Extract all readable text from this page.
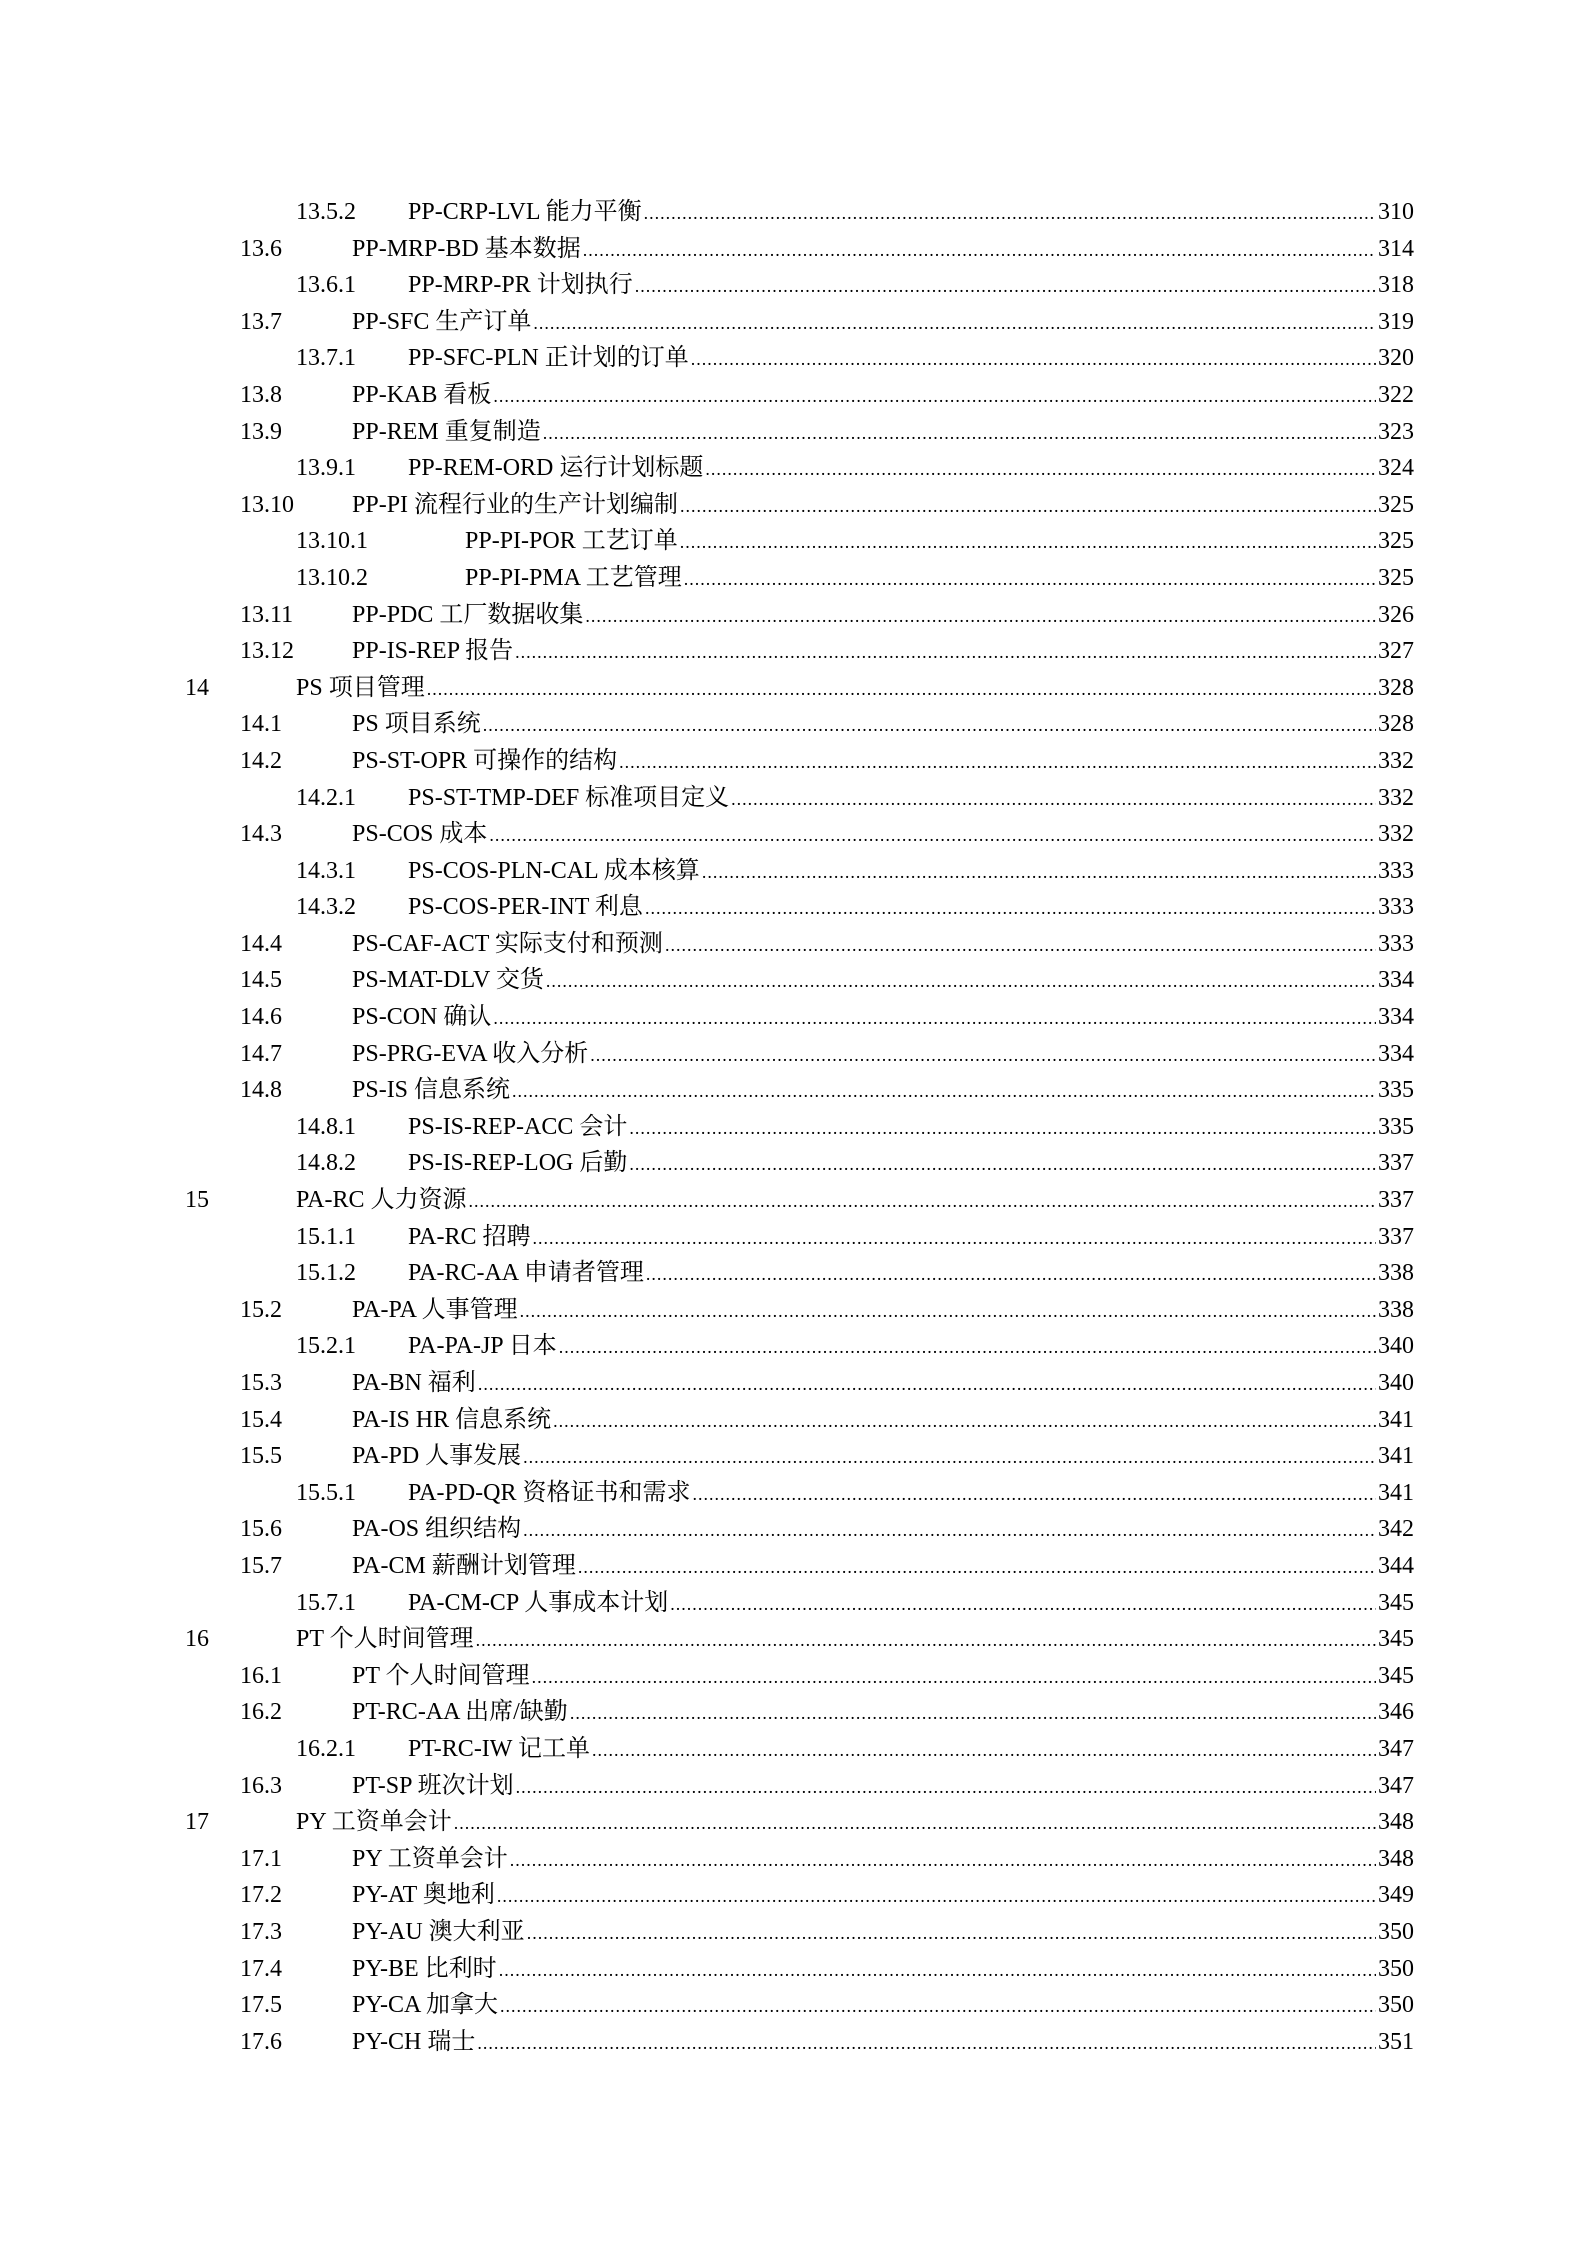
13.5.2 PP-CRP-LVL 能力平衡 .....	310
13.6	PP-MRP-BD 基本数据 .....	314
13.6.1 PP-MRP-PR 计划执行 .....	318
13.7	PP-SFC 生产订单 .....	319
13.7.1 PP-SFC-PLN 正计划的订单 .....	320
13.8	PP-KAB 看板 .....	322
13.9	PP-REM 重复制造 .....	323
13.9.1 PP-REM-ORD 运行计划标题 .....	324
13.10 PP-PI 流程行业的生产计划编制 .....	325
13.10.1	PP-PI-POR 工艺订单 .....	325
13.10.2	PP-PI-PMA 工艺管理 .....	325
13.11 PP-PDC 工厂数据收集 .....	326
13.12 PP-IS-REP 报告 .....	327
14	PS 项目管理 .....	328
14.1	PS 项目系统 .....	328
14.2	PS-ST-OPR 可操作的结构 .....	332
14.2.1 PS-ST-TMP-DEF 标准项目定义 .....	332
14.3	PS-COS 成本 .....	332
14.3.1 PS-COS-PLN-CAL 成本核算 .....	333
14.3.2 PS-COS-PER-INT 利息 .....	333
14.4	PS-CAF-ACT 实际支付和预测 .....	333
14.5	PS-MAT-DLV 交货 .....	334
14.6	PS-CON 确认 .....	334
14.7	PS-PRG-EVA 收入分析 .....	334
14.8	PS-IS 信息系统 .....	335
14.8.1 PS-IS-REP-ACC 会计 .....	335
14.8.2 PS-IS-REP-LOG 后勤 .....	337
15	PA-RC 人力资源 .....	337
15.1.1 PA-RC 招聘 .....	337
15.1.2 PA-RC-AA 申请者管理 .....	338
15.2	PA-PA 人事管理 .....	338
15.2.1 PA-PA-JP 日本 .....	340
15.3	PA-BN 福利 .....	340
15.4	PA-IS HR 信息系统 .....	341
15.5	PA-PD 人事发展 .....	341
15.5.1 PA-PD-QR 资格证书和需求 .....	341
15.6	PA-OS 组织结构 .....	342
15.7	PA-CM 薪酬计划管理 .....	344
15.7.1 PA-CM-CP 人事成本计划 .....	345
16	PT 个人时间管理 .....	345
16.1	PT 个人时间管理 .....	345
16.2	PT-RC-AA 出席/缺勤 .....	346
16.2.1 PT-RC-IW 记工单 .....	347
16.3	PT-SP 班次计划 .....	347
17	PY 工资单会计 .....	348
17.1	PY 工资单会计 .....	348
17.2	PY-AT 奥地利 .....	349
17.3	PY-AU 澳大利亚 .....	350
17.4	PY-BE 比利时 .....	350
17.5	PY-CA 加拿大 .....	350
17.6	PY-CH 瑞士 .....	351
